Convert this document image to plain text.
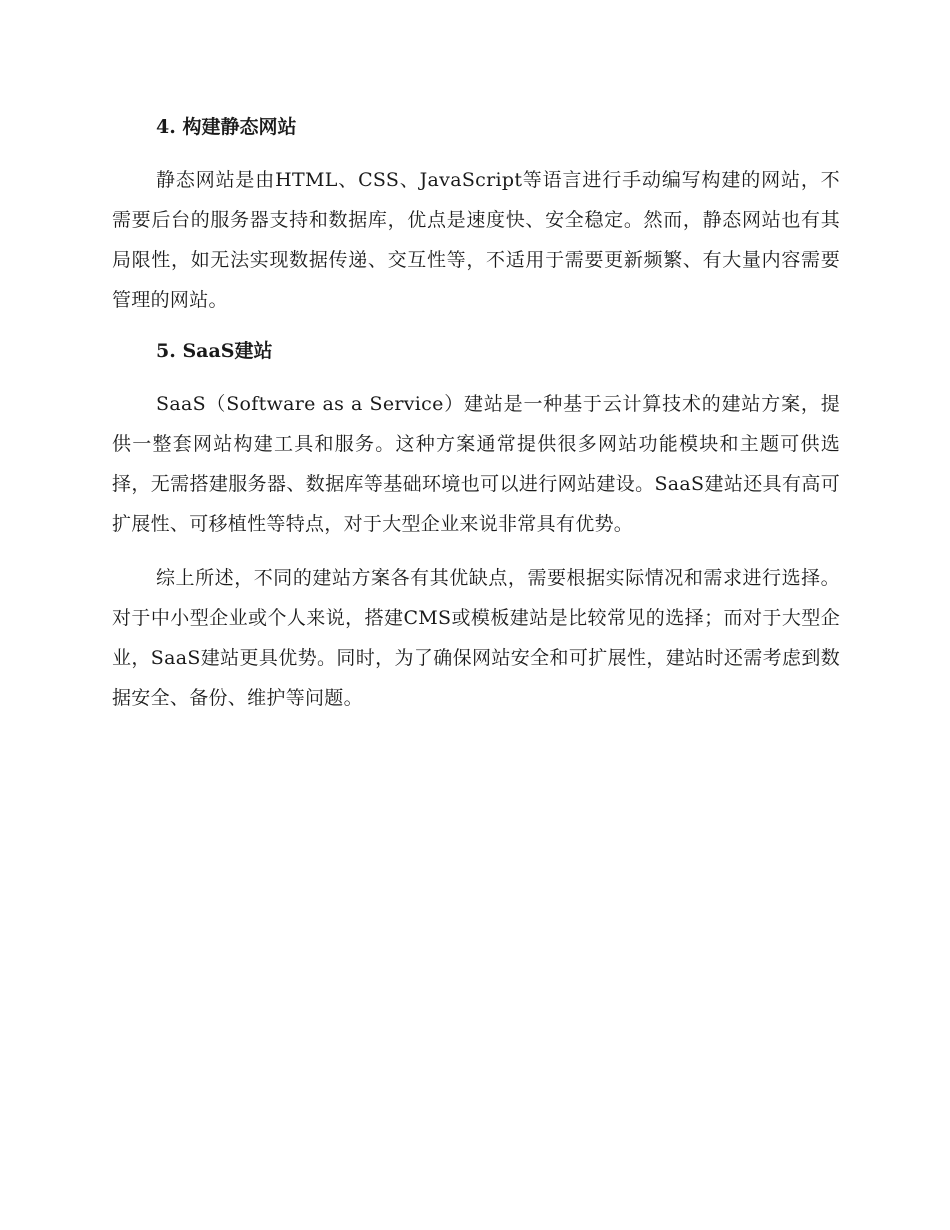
4. 构建静态网站

静态网站是由HTML、CSS、JavaScript等语言进行手动编写构建的网站，不需要后台的服务器支持和数据库，优点是速度快、安全稳定。然而，静态网站也有其局限性，如无法实现数据传递、交互性等，不适用于需要更新频繁、有大量内容需要管理的网站。

5. SaaS建站

SaaS（Software as a Service）建站是一种基于云计算技术的建站方案，提供一整套网站构建工具和服务。这种方案通常提供很多网站功能模块和主题可供选择，无需搭建服务器、数据库等基础环境也可以进行网站建设。SaaS建站还具有高可扩展性、可移植性等特点，对于大型企业来说非常具有优势。

综上所述，不同的建站方案各有其优缺点，需要根据实际情况和需求进行选择。对于中小型企业或个人来说，搭建CMS或模板建站是比较常见的选择；而对于大型企业，SaaS建站更具优势。同时，为了确保网站安全和可扩展性，建站时还需考虑到数据安全、备份、维护等问题。
